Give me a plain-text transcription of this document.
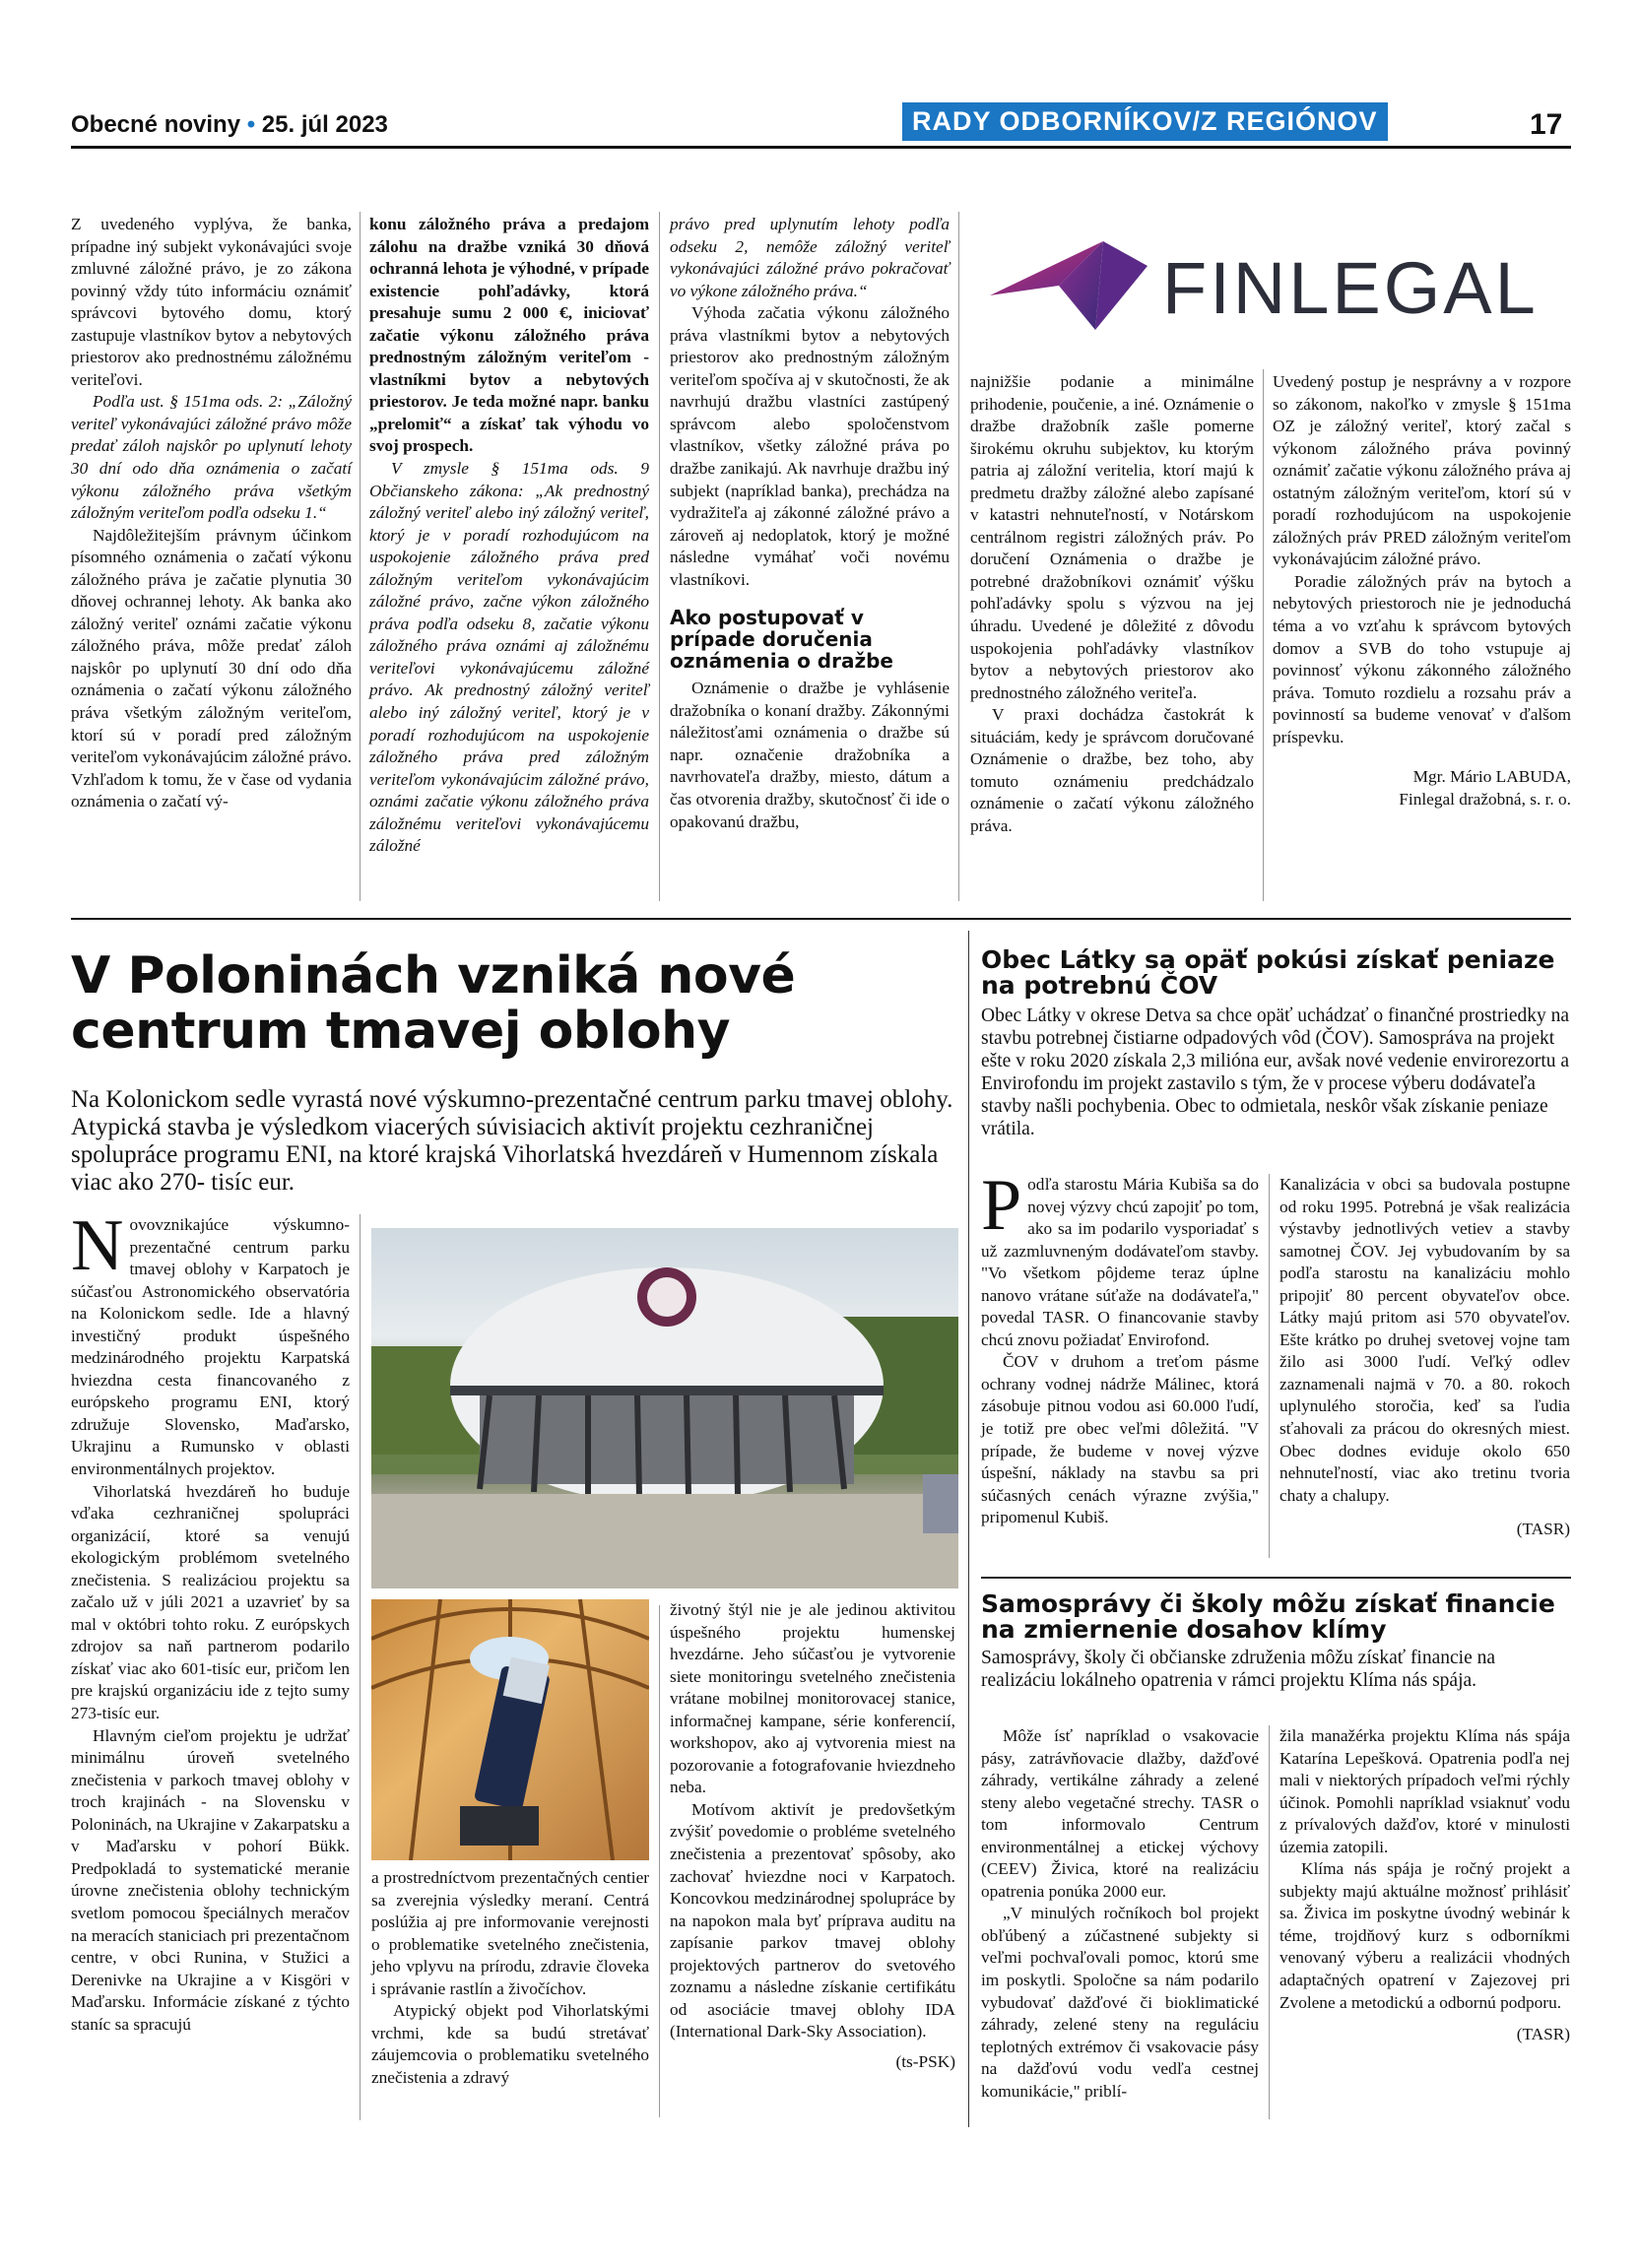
Obecné noviny • 25. júl 2023	RADY ODBORNÍKOV/Z REGIÓNOV	17

Z uvedeného vyplýva, že banka, prípadne iný subjekt vykonávajúci svoje zmluvné záložné právo, je zo zákona povinný vždy túto informáciu oznámiť správcovi bytového domu, ktorý zastupuje vlastníkov bytov a nebytových priestorov ako prednostnému záložnému veriteľovi.

Podľa ust. § 151ma ods. 2: „Záložný veriteľ vykonávajúci záložné právo môže predať záloh najskôr po uplynutí lehoty 30 dní odo dňa oznámenia o začatí výkonu záložného práva všetkým záložným veriteľom podľa odseku 1.“

Najdôležitejším právnym účinkom písomného oznámenia o začatí výkonu záložného práva je začatie plynutia 30 dňovej ochrannej lehoty. Ak banka ako záložný veriteľ oznámi začatie výkonu záložného práva, môže predať záloh najskôr po uplynutí 30 dní odo dňa oznámenia o začatí výkonu záložného práva všetkým záložným veriteľom, ktorí sú v poradí pred záložným veriteľom vykonávajúcim záložné právo. Vzhľadom k tomu, že v čase od vydania oznámenia o začatí vý-

konu záložného práva a predajom zálohu na dražbe vzniká 30 dňová ochranná lehota je výhodné, v prípade existencie pohľadávky, ktorá presahuje sumu 2 000 €, iniciovať začatie výkonu záložného práva prednostným záložným veriteľom - vlastníkmi bytov a nebytových priestorov. Je teda možné napr. banku „prelomiť“ a získať tak výhodu vo svoj prospech.

V zmysle § 151ma ods. 9 Občianskeho zákona: „Ak prednostný záložný veriteľ alebo iný záložný veriteľ, ktorý je v poradí rozhodujúcom na uspokojenie záložného práva pred záložným veriteľom vykonávajúcim záložné právo, začne výkon záložného práva podľa odseku 8, začatie výkonu záložného práva oznámi aj záložnému veriteľovi vykonávajúcemu záložné právo. Ak prednostný záložný veriteľ alebo iný záložný veriteľ, ktorý je v poradí rozhodujúcom na uspokojenie záložného práva pred záložným veriteľom vykonávajúcim záložné právo, oznámi začatie výkonu záložného práva záložnému veriteľovi vykonávajúcemu záložné

právo pred uplynutím lehoty podľa odseku 2, nemôže záložný veriteľ vykonávajúci záložné právo pokračovať vo výkone záložného práva.“

Výhoda začatia výkonu záložného práva vlastníkmi bytov a nebytových priestorov ako prednostným záložným veriteľom spočíva aj v skutočnosti, že ak navrhujú dražbu vlastníci zastúpený správcom alebo spoločenstvom vlastníkov, všetky záložné práva po dražbe zanikajú. Ak navrhuje dražbu iný subjekt (napríklad banka), prechádza na vydražiteľa aj zákonné záložné právo a zároveň aj nedoplatok, ktorý je možné následne vymáhať voči novému vlastníkovi.

Ako postupovať v prípade doručenia oznámenia o dražbe

Oznámenie o dražbe je vyhlásenie dražobníka o konaní dražby. Zákonnými náležitosťami oznámenia o dražbe sú napr. označenie dražobníka a navrhovateľa dražby, miesto, dátum a čas otvorenia dražby, skutočnosť či ide o opakovanú dražbu,

FINLEGAL

najnižšie podanie a minimálne prihodenie, poučenie, a iné. Oznámenie o dražbe dražobník zašle pomerne širokému okruhu subjektov, ku ktorým patria aj záložní veritelia, ktorí majú k predmetu dražby záložné alebo zapísané v katastri nehnuteľností, v Notárskom centrálnom registri záložných práv. Po doručení Oznámenia o dražbe je potrebné dražobníkovi oznámiť výšku pohľadávky spolu s výzvou na jej úhradu. Uvedené je dôležité z dôvodu uspokojenia pohľadávky vlastníkov bytov a nebytových priestorov ako prednostného záložného veriteľa.

V praxi dochádza častokrát k situáciám, kedy je správcom doručované Oznámenie o dražbe, bez toho, aby tomuto oznámeniu predchádzalo oznámenie o začatí výkonu záložného práva.

Uvedený postup je nesprávny a v rozpore so zákonom, nakoľko v zmysle § 151ma OZ je záložný veriteľ, ktorý začal s výkonom záložného práva povinný oznámiť začatie výkonu záložného práva aj ostatným záložným veriteľom, ktorí sú v poradí rozhodujúcom na uspokojenie záložných práv PRED záložným veriteľom vykonávajúcim záložné právo.

Poradie záložných práv na bytoch a nebytových priestoroch nie je jednoduchá téma a vo vzťahu k správcom bytových domov a SVB do toho vstupuje aj povinnosť výkonu zákonného záložného práva. Tomuto rozdielu a rozsahu práv a povinností sa budeme venovať v ďalšom príspevku.

Mgr. Mário LABUDA,

Finlegal dražobná, s. r. o.

V Poloninách vzniká nové
centrum tmavej oblohy
Na Kolonickom sedle vyrastá nové výskumno-prezentačné centrum parku tmavej oblohy. Atypická stavba je výsledkom viacerých súvisiacich aktivít projektu cezhraničnej spolupráce programu ENI, na ktoré krajská Vihorlatská hvezdáreň v Humennom získala viac ako 270- tisíc eur.

Novovznikajúce výskumno-prezentačné centrum parku tmavej oblohy v Karpatoch je súčasťou Astronomického observatória na Kolonickom sedle. Ide a hlavný investičný produkt úspešného medzinárodného projektu Karpatská hviezdna cesta financovaného z európskeho programu ENI, ktorý združuje Slovensko, Maďarsko, Ukrajinu a Rumunsko v oblasti environmentálnych projektov.

Vihorlatská hvezdáreň ho buduje vďaka cezhraničnej spolupráci organizácií, ktoré sa venujú ekologickým problémom svetelného znečistenia. S realizáciou projektu sa začalo už v júli 2021 a uzavrieť by sa mal v októbri tohto roku. Z európskych zdrojov sa naň partnerom podarilo získať viac ako 601-tisíc eur, pričom len pre krajskú organizáciu ide z tejto sumy 273-tisíc eur.

Hlavným cieľom projektu je udržať minimálnu úroveň svetelného znečistenia v parkoch tmavej oblohy v troch krajinách - na Slovensku v Poloninách, na Ukrajine v Zakarpatsku a v Maďarsku v pohorí Bükk. Predpokladá to systematické meranie úrovne znečistenia oblohy technickým svetlom pomocou špeciálnych meračov na meracích staniciach pri prezentačnom centre, v obci Runina, v Stužici a Derenivke na Ukrajine a v Kisgöri v Maďarsku. Informácie získané z týchto staníc sa spracujú

a prostredníctvom prezentačných centier sa zverejnia výsledky meraní. Centrá poslúžia aj pre informovanie verejnosti o problematike svetelného znečistenia, jeho vplyvu na prírodu, zdravie človeka i správanie rastlín a živočíchov.

Atypický objekt pod Vihorlatskými vrchmi, kde sa budú stretávať záujemcovia o problematiku svetelného znečistenia a zdravý

životný štýl nie je ale jedinou aktivitou úspešného projektu humenskej hvezdárne. Jeho súčasťou je vytvorenie siete monitoringu svetelného znečistenia vrátane mobilnej monitorovacej stanice, informačnej kampane, série konferencií, workshopov, ako aj vytvorenia miest na pozorovanie a fotografovanie hviezdneho neba.

Motívom aktivít je predovšetkým zvýšiť povedomie o probléme svetelného znečistenia a prezentovať spôsoby, ako zachovať hviezdne noci v Karpatoch. Koncovkou medzinárodnej spolupráce by na napokon mala byť príprava auditu na zapísanie parkov tmavej oblohy projektových partnerov do svetového zoznamu a následne získanie certifikátu od asociácie tmavej oblohy IDA (International Dark-Sky Association).

(ts-PSK)

Obec Látky sa opäť pokúsi získať peniaze na potrebnú ČOV
Obec Látky v okrese Detva sa chce opäť uchádzať o finančné prostriedky na stavbu potrebnej čistiarne odpadových vôd (ČOV). Samospráva na projekt ešte v roku 2020 získala 2,3 milióna eur, avšak nové vedenie envirorezortu a Envirofondu im projekt zastavilo s tým, že v procese výberu dodávateľa stavby našli pochybenia. Obec to odmietala, neskôr však získanie peniaze vrátila.

Podľa starostu Mária Kubiša sa do novej výzvy chcú zapojiť po tom, ako sa im podarilo vysporiadať s už zazmluvneným dodávateľom stavby. "Vo všetkom pôjdeme teraz úplne nanovo vrátane súťaže na dodávateľa," povedal TASR. O financovanie stavby chcú znovu požiadať Envirofond.

ČOV v druhom a treťom pásme ochrany vodnej nádrže Málinec, ktorá zásobuje pitnou vodou asi 60.000 ľudí, je totiž pre obec veľmi dôležitá. "V prípade, že budeme v novej výzve úspešní, náklady na stavbu sa pri súčasných cenách výrazne zvýšia," pripomenul Kubiš.

Kanalizácia v obci sa budovala postupne od roku 1995. Potrebná je však realizácia výstavby jednotlivých vetiev a stavby samotnej ČOV. Jej vybudovaním by sa podľa starostu na kanalizáciu mohlo pripojiť 80 percent obyvateľov obce. Látky majú pritom asi 570 obyvateľov. Ešte krátko po druhej svetovej vojne tam žilo asi 3000 ľudí. Veľký odlev zaznamenali najmä v 70. a 80. rokoch uplynulého storočia, keď sa ľudia sťahovali za prácou do okresných miest. Obec dodnes eviduje okolo 650 nehnuteľností, viac ako tretinu tvoria chaty a chalupy.

(TASR)

Samosprávy či školy môžu získať financie na zmiernenie dosahov klímy
Samosprávy, školy či občianske združenia môžu získať financie na realizáciu lokálneho opatrenia v rámci projektu Klíma nás spája.

Môže ísť napríklad o vsakovacie pásy, zatrávňovacie dlažby, dažďové záhrady, vertikálne záhrady a zelené steny alebo vegetačné strechy. TASR o tom informovalo Centrum environmentálnej a etickej výchovy (CEEV) Živica, ktoré na realizáciu opatrenia ponúka 2000 eur.

„V minulých ročníkoch bol projekt obľúbený a zúčastnené subjekty si veľmi pochvaľovali pomoc, ktorú sme im poskytli. Spoločne sa nám podarilo vybudovať dažďové či bioklimatické záhrady, zelené steny na reguláciu teplotných extrémov či vsakovacie pásy na dažďovú vodu vedľa cestnej komunikácie," priblí-

žila manažérka projektu Klíma nás spája Katarína Lepešková. Opatrenia podľa nej mali v niektorých prípadoch veľmi rýchly účinok. Pomohli napríklad vsiaknuť vodu z prívalových dažďov, ktoré v minulosti územia zatopili.

Klíma nás spája je ročný projekt a subjekty majú aktuálne možnosť prihlásiť sa. Živica im poskytne úvodný webinár k téme, trojdňový kurz s odborníkmi venovaný výberu a realizácii vhodných adaptačných opatrení v Zajezovej pri Zvolene a metodickú a odbornú podporu.

(TASR)
